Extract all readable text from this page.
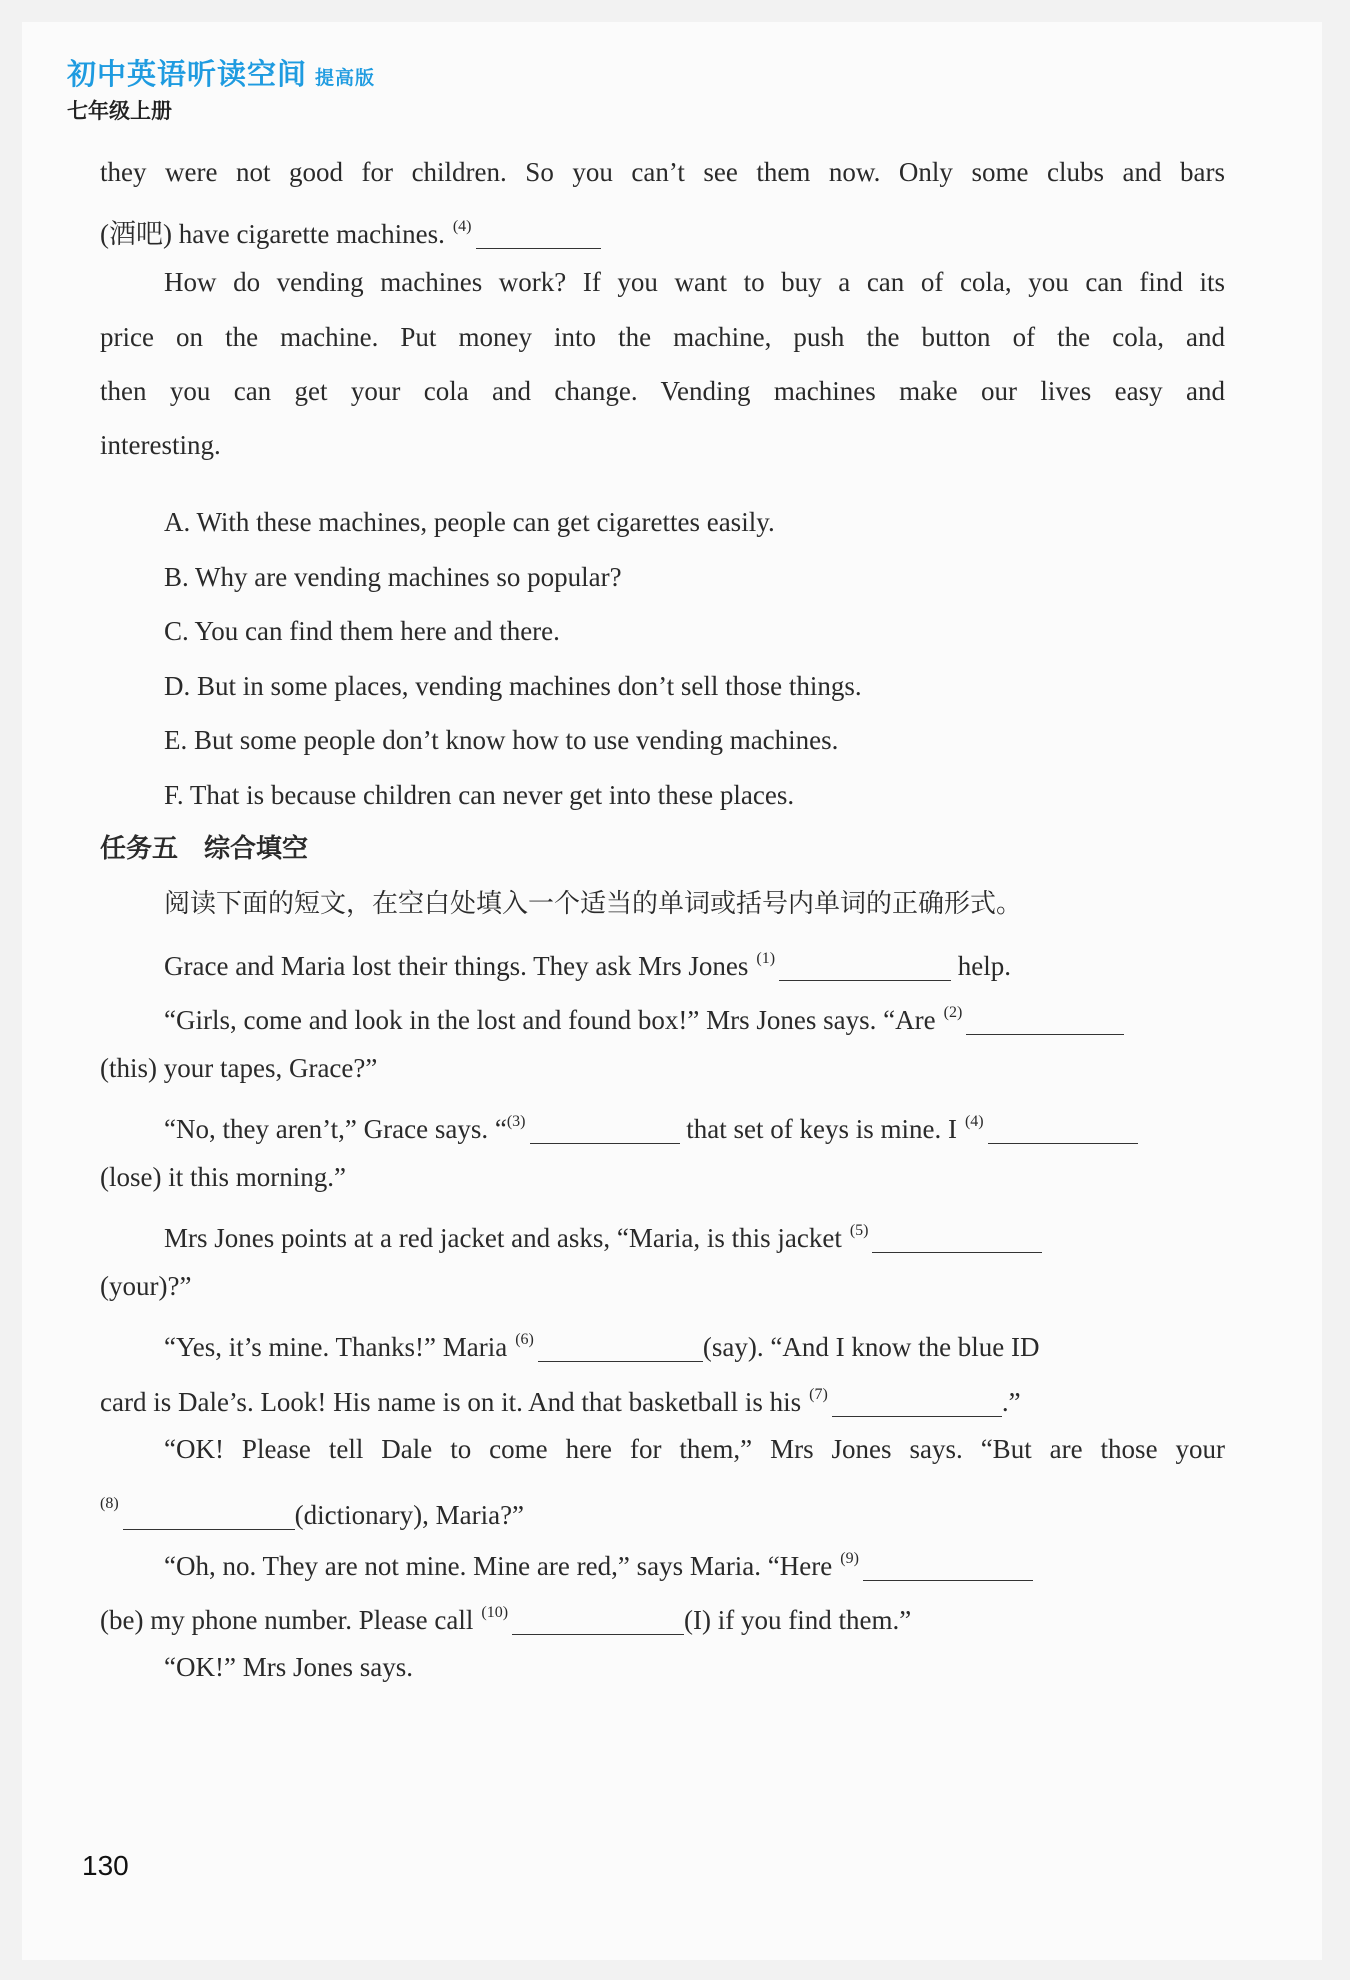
初中英语听读空间 提高版
七年级上册
they were not good for children. So you can’t see them now. Only some clubs and bars
(酒吧) have cigarette machines. $^{(4)}$
How do vending machines work? If you want to buy a can of cola, you can find its
price on the machine. Put money into the machine, push the button of the cola, and
then you can get your cola and change. Vending machines make our lives easy and
interesting.
A. With these machines, people can get cigarettes easily.
B. Why are vending machines so popular?
C. You can find them here and there.
D. But in some places, vending machines don’t sell those things.
E. But some people don’t know how to use vending machines.
F. That is because children can never get into these places.
任务五　综合填空
阅读下面的短文，在空白处填入一个适当的单词或括号内单词的正确形式。
Grace and Maria lost their things. They ask Mrs Jones $^{(1)}$	help.
“Girls, come and look in the lost and found box!” Mrs Jones says. “Are $^{(2)}$
(this) your tapes, Grace?”
“No, they aren’t,” Grace says. “$^{(3)}$	that set of keys is mine. I $^{(4)}$
(lose) it this morning.”
Mrs Jones points at a red jacket and asks, “Maria, is this jacket $^{(5)}$
(your)?”
“Yes, it’s mine. Thanks!” Maria $^{(6)}$	(say). “And I know the blue ID
card is Dale’s. Look! His name is on it. And that basketball is his $^{(7)}$	.”
“OK! Please tell Dale to come here for them,” Mrs Jones says. “But are those your
$^{(8)}$	(dictionary), Maria?”
“Oh, no. They are not mine. Mine are red,” says Maria. “Here $^{(9)}$
(be) my phone number. Please call $^{(10)}$	(I) if you find them.”
“OK!” Mrs Jones says.
130
